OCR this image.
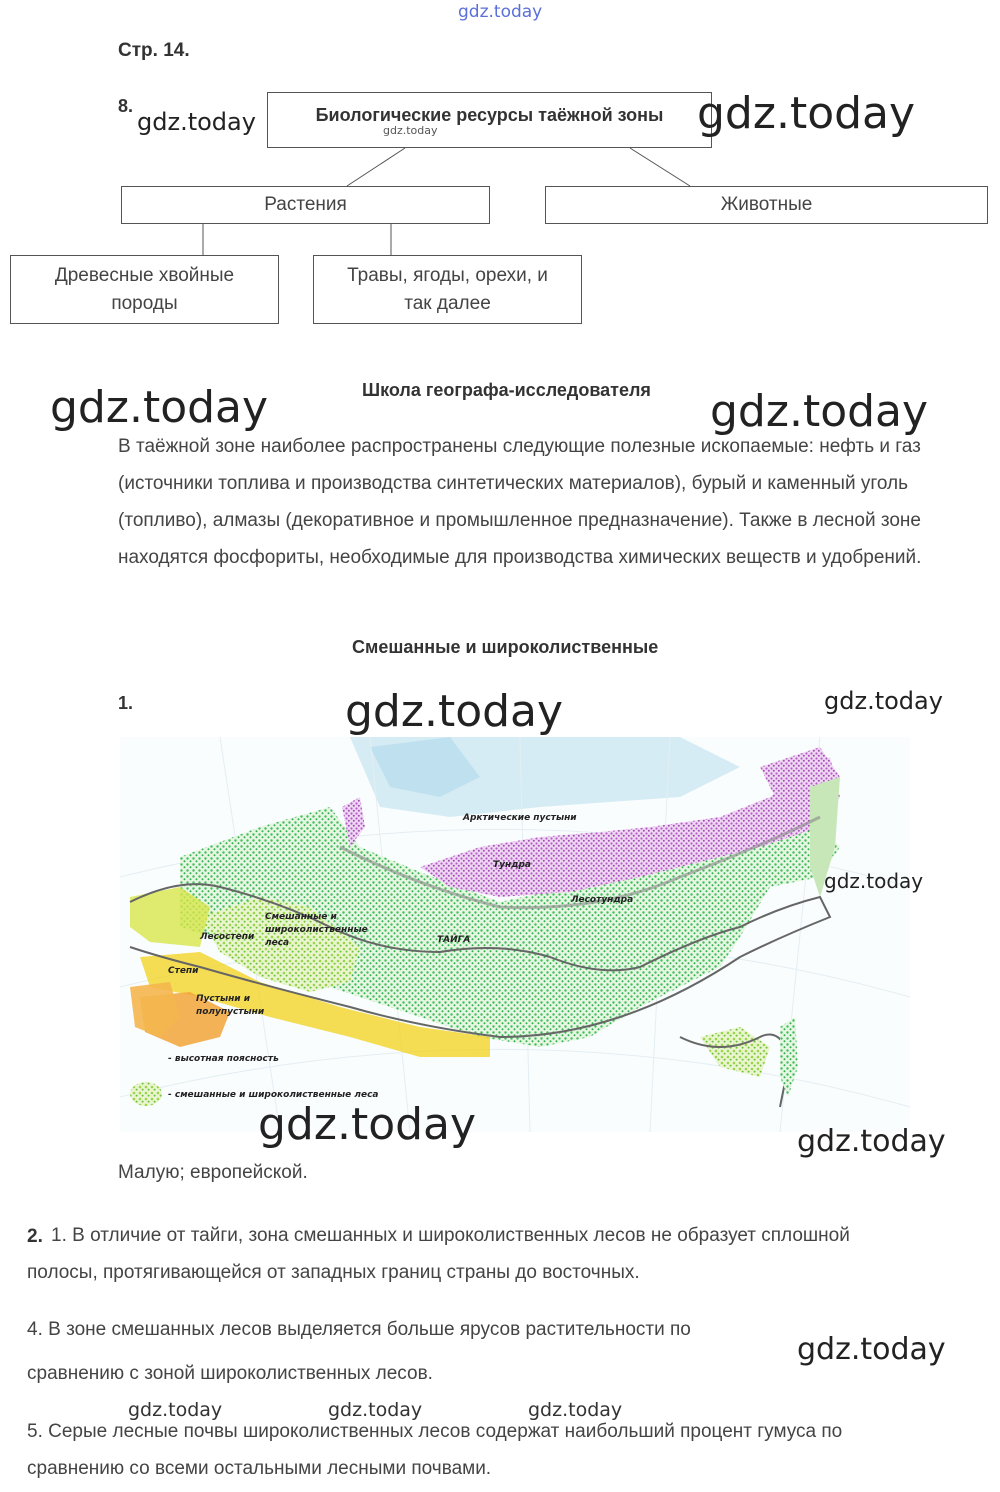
gdz.today
Стр. 14.
8.	Биологические ресурсы таёжной зоны
gdz.today
gdz.today	gdz.today
Растения	Животные
Древесные хвойные
породы
Травы, ягоды, орехи, и
так далее
Школа географа-исследователя
gdz.today	gdz.today
В таёжной зоне наиболее распространены следующие полезные ископаемые: нефть и газ (источники топлива и производства синтетических материалов), бурый и каменный уголь (топливо), алмазы (декоративное и промышленное предназначение). Также в лесной зоне находятся фосфориты, необходимые для производства химических веществ и удобрений.
Смешанные и широколиственные
1.	gdz.today	gdz.today
Арктические пустыни
Тундра
Лесотундра
ТАЙГА
Смешанные и
широколиственные
леса
Лесостепи
Степи
Пустыни и
полупустыни
- высотная поясность
- смешанные и широколиственные леса
gdz.today
gdz.today	gdz.today
Малую; европейской.
2. 1. В отличие от тайги, зона смешанных и широколиственных лесов не образует сплошной полосы, протягивающейся от западных границ страны до восточных.
4. В зоне смешанных лесов выделяется больше ярусов растительности по сравнению с зоной широколиственных лесов.
gdz.today
gdz.today	gdz.today	gdz.today
5. Серые лесные почвы широколиственных лесов содержат наибольший процент гумуса по сравнению со всеми остальными лесными почвами.
